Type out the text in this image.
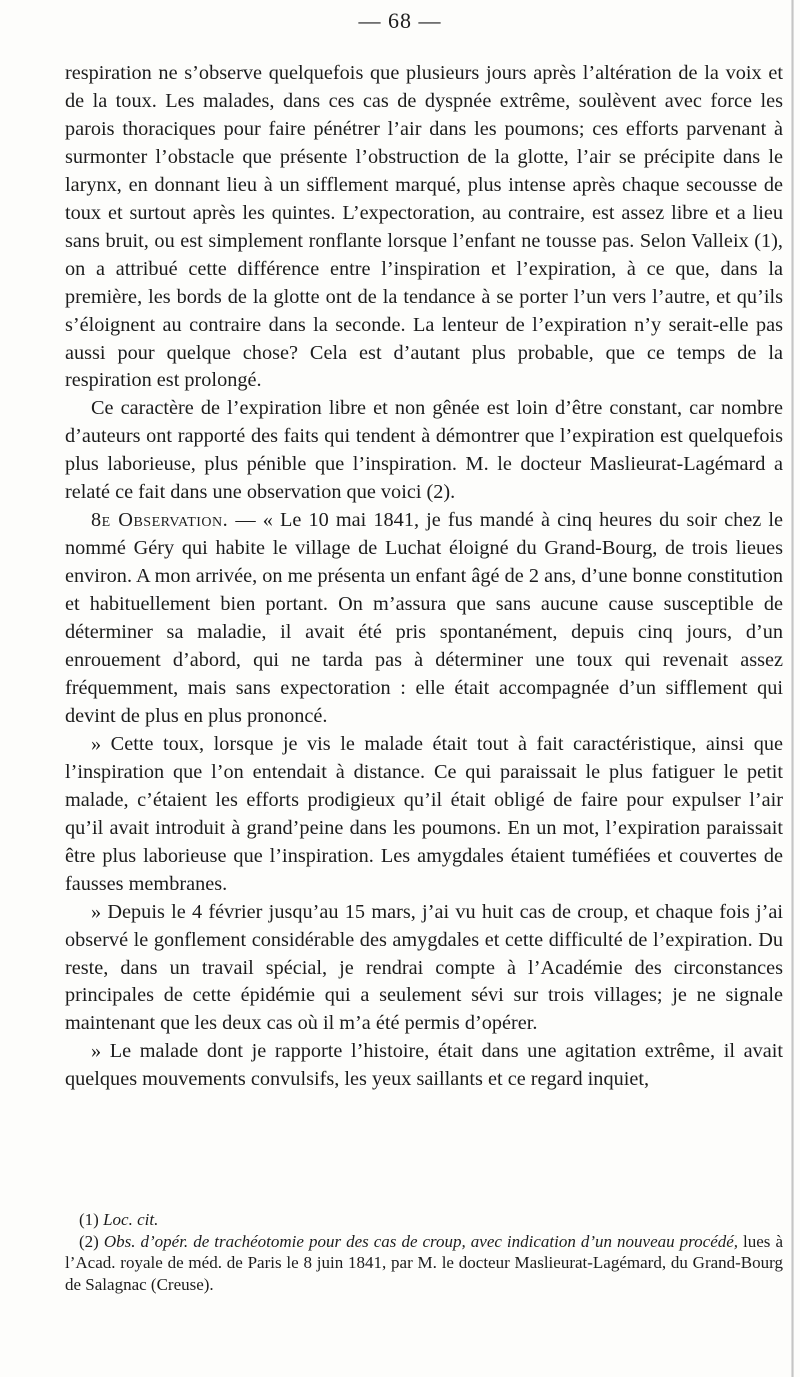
— 68 —

respiration ne s’observe quelquefois que plusieurs jours après l’altération de la voix et de la toux. Les malades, dans ces cas de dyspnée extrême, soulèvent avec force les parois thoraciques pour faire pénétrer l’air dans les poumons; ces efforts parvenant à surmonter l’obstacle que présente l’obstruction de la glotte, l’air se précipite dans le larynx, en donnant lieu à un sifflement marqué, plus intense après chaque secousse de toux et surtout après les quintes. L’expectoration, au contraire, est assez libre et a lieu sans bruit, ou est simplement ronflante lorsque l’enfant ne tousse pas. Selon Valleix (1), on a attribué cette différence entre l’inspiration et l’expiration, à ce que, dans la première, les bords de la glotte ont de la tendance à se porter l’un vers l’autre, et qu’ils s’éloignent au contraire dans la seconde. La lenteur de l’expiration n’y serait-elle pas aussi pour quelque chose? Cela est d’autant plus probable, que ce temps de la respiration est prolongé.

Ce caractère de l’expiration libre et non gênée est loin d’être constant, car nombre d’auteurs ont rapporté des faits qui tendent à démontrer que l’expiration est quelquefois plus laborieuse, plus pénible que l’inspiration. M. le docteur Maslieurat-Lagémard a relaté ce fait dans une observation que voici (2).

8e Observation. — « Le 10 mai 1841, je fus mandé à cinq heures du soir chez le nommé Géry qui habite le village de Luchat éloigné du Grand-Bourg, de trois lieues environ. A mon arrivée, on me présenta un enfant âgé de 2 ans, d’une bonne constitution et habituellement bien portant. On m’assura que sans aucune cause susceptible de déterminer sa maladie, il avait été pris spontanément, depuis cinq jours, d’un enrouement d’abord, qui ne tarda pas à déterminer une toux qui revenait assez fréquemment, mais sans expectoration : elle était accompagnée d’un sifflement qui devint de plus en plus prononcé.

» Cette toux, lorsque je vis le malade était tout à fait caractéristique, ainsi que l’inspiration que l’on entendait à distance. Ce qui paraissait le plus fatiguer le petit malade, c’étaient les efforts prodigieux qu’il était obligé de faire pour expulser l’air qu’il avait introduit à grand’peine dans les poumons. En un mot, l’expiration paraissait être plus laborieuse que l’inspiration. Les amygdales étaient tuméfiées et couvertes de fausses membranes.

» Depuis le 4 février jusqu’au 15 mars, j’ai vu huit cas de croup, et chaque fois j’ai observé le gonflement considérable des amygdales et cette difficulté de l’expiration. Du reste, dans un travail spécial, je rendrai compte à l’Académie des circonstances principales de cette épidémie qui a seulement sévi sur trois villages; je ne signale maintenant que les deux cas où il m’a été permis d’opérer.

» Le malade dont je rapporte l’histoire, était dans une agitation extrême, il avait quelques mouvements convulsifs, les yeux saillants et ce regard inquiet,

(1) Loc. cit.

(2) Obs. d’opér. de trachéotomie pour des cas de croup, avec indication d’un nouveau procédé, lues à l’Acad. royale de méd. de Paris le 8 juin 1841, par M. le docteur Maslieurat-Lagémard, du Grand-Bourg de Salagnac (Creuse).
